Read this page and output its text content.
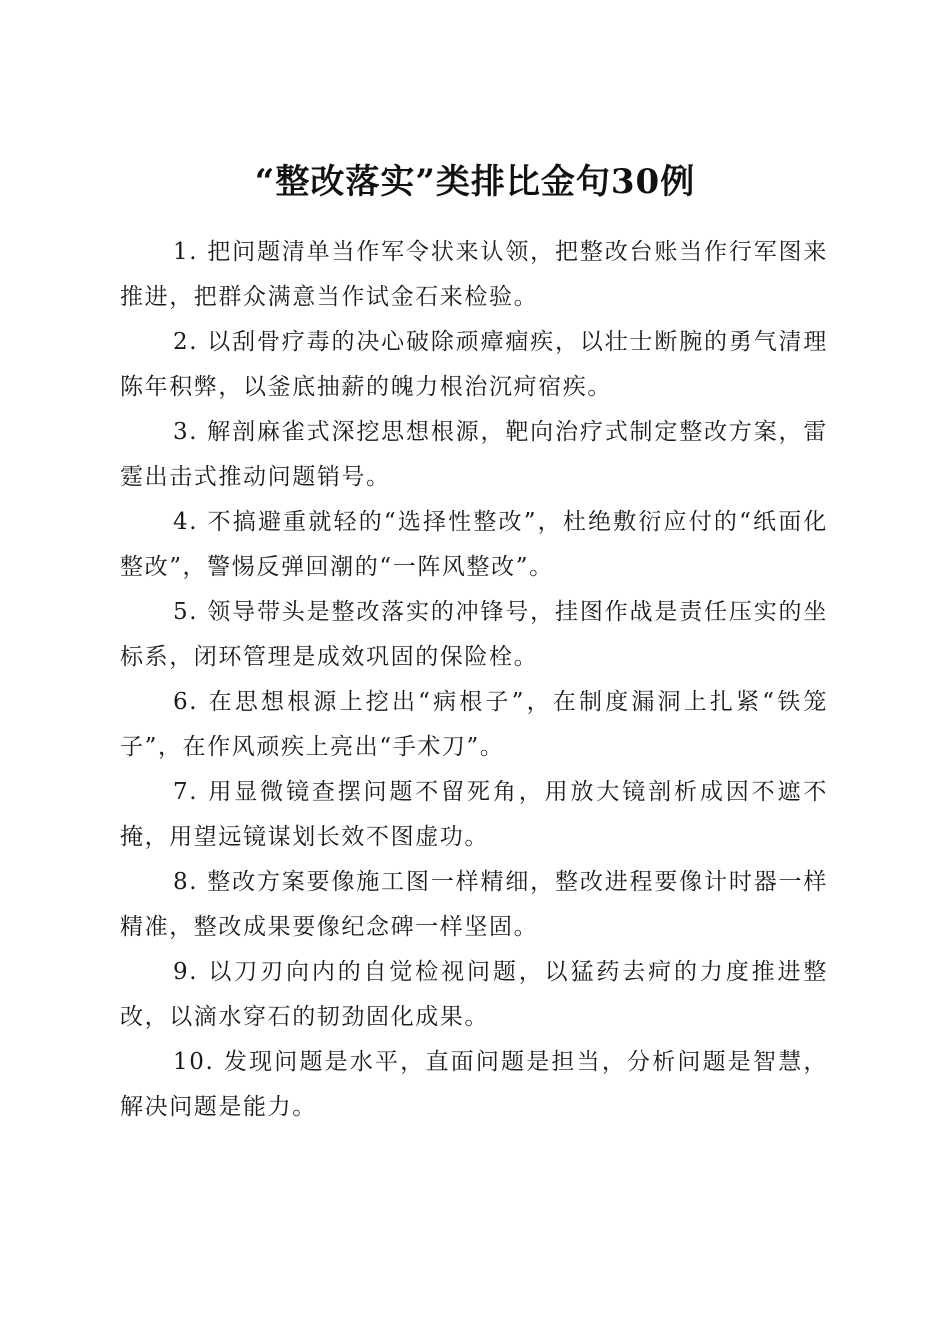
“整改落实”类排比金句30例

1. 把问题清单当作军令状来认领，把整改台账当作行军图来推进，把群众满意当作试金石来检验。

2. 以刮骨疗毒的决心破除顽瘴痼疾，以壮士断腕的勇气清理陈年积弊，以釜底抽薪的魄力根治沉疴宿疾。

3. 解剖麻雀式深挖思想根源，靶向治疗式制定整改方案，雷霆出击式推动问题销号。

4. 不搞避重就轻的“选择性整改”，杜绝敷衍应付的“纸面化整改”，警惕反弹回潮的“一阵风整改”。

5. 领导带头是整改落实的冲锋号，挂图作战是责任压实的坐标系，闭环管理是成效巩固的保险栓。

6. 在思想根源上挖出“病根子”，在制度漏洞上扎紧“铁笼子”，在作风顽疾上亮出“手术刀”。

7. 用显微镜查摆问题不留死角，用放大镜剖析成因不遮不掩，用望远镜谋划长效不图虚功。

8. 整改方案要像施工图一样精细，整改进程要像计时器一样精准，整改成果要像纪念碑一样坚固。

9. 以刀刃向内的自觉检视问题，以猛药去疴的力度推进整改，以滴水穿石的韧劲固化成果。

10. 发现问题是水平，直面问题是担当，分析问题是智慧，解决问题是能力。
